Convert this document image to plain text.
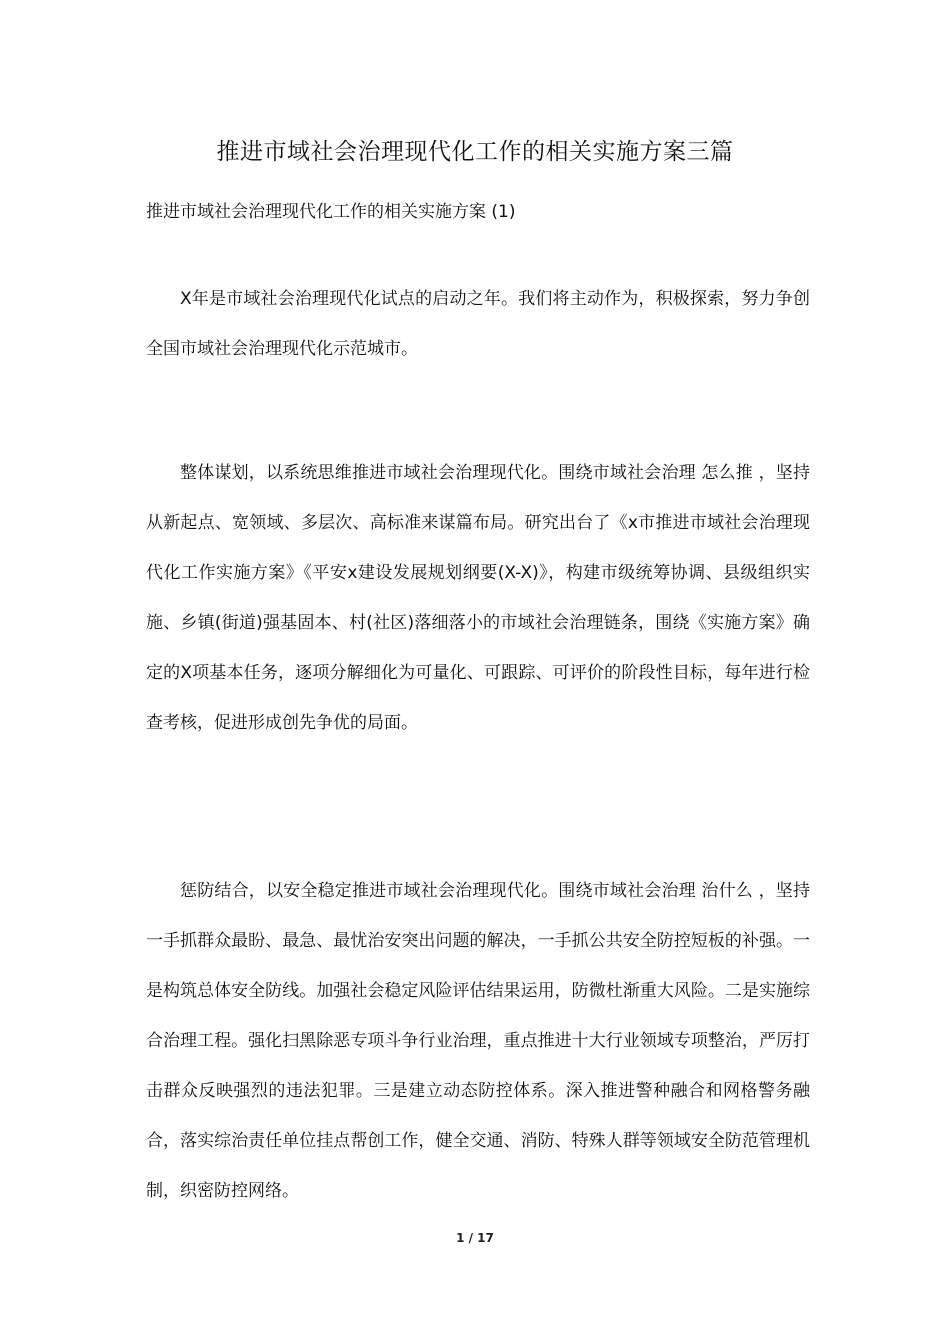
推进市域社会治理现代化工作的相关实施方案三篇
推进市域社会治理现代化工作的相关实施方案 (1)

X年是市域社会治理现代化试点的启动之年。我们将主动作为，积极探索，努力争创全国市域社会治理现代化示范城市。

整体谋划，以系统思维推进市域社会治理现代化。围绕市域社会治理 怎么推 ，坚持从新起点、宽领域、多层次、高标准来谋篇布局。研究出台了《x市推进市域社会治理现代化工作实施方案》《平安x建设发展规划纲要(X-X)》，构建市级统筹协调、县级组织实施、乡镇(街道)强基固本、村(社区)落细落小的市域社会治理链条，围绕《实施方案》确定的X项基本任务，逐项分解细化为可量化、可跟踪、可评价的阶段性目标，每年进行检查考核，促进形成创先争优的局面。

惩防结合，以安全稳定推进市域社会治理现代化。围绕市域社会治理 治什么 ，坚持一手抓群众最盼、最急、最忧治安突出问题的解决，一手抓公共安全防控短板的补强。一是构筑总体安全防线。加强社会稳定风险评估结果运用，防微杜渐重大风险。二是实施综合治理工程。强化扫黑除恶专项斗争行业治理，重点推进十大行业领域专项整治，严厉打击群众反映强烈的违法犯罪。三是建立动态防控体系。深入推进警种融合和网格警务融合，落实综治责任单位挂点帮创工作，健全交通、消防、特殊人群等领域安全防范管理机制，织密防控网络。

1 / 17
